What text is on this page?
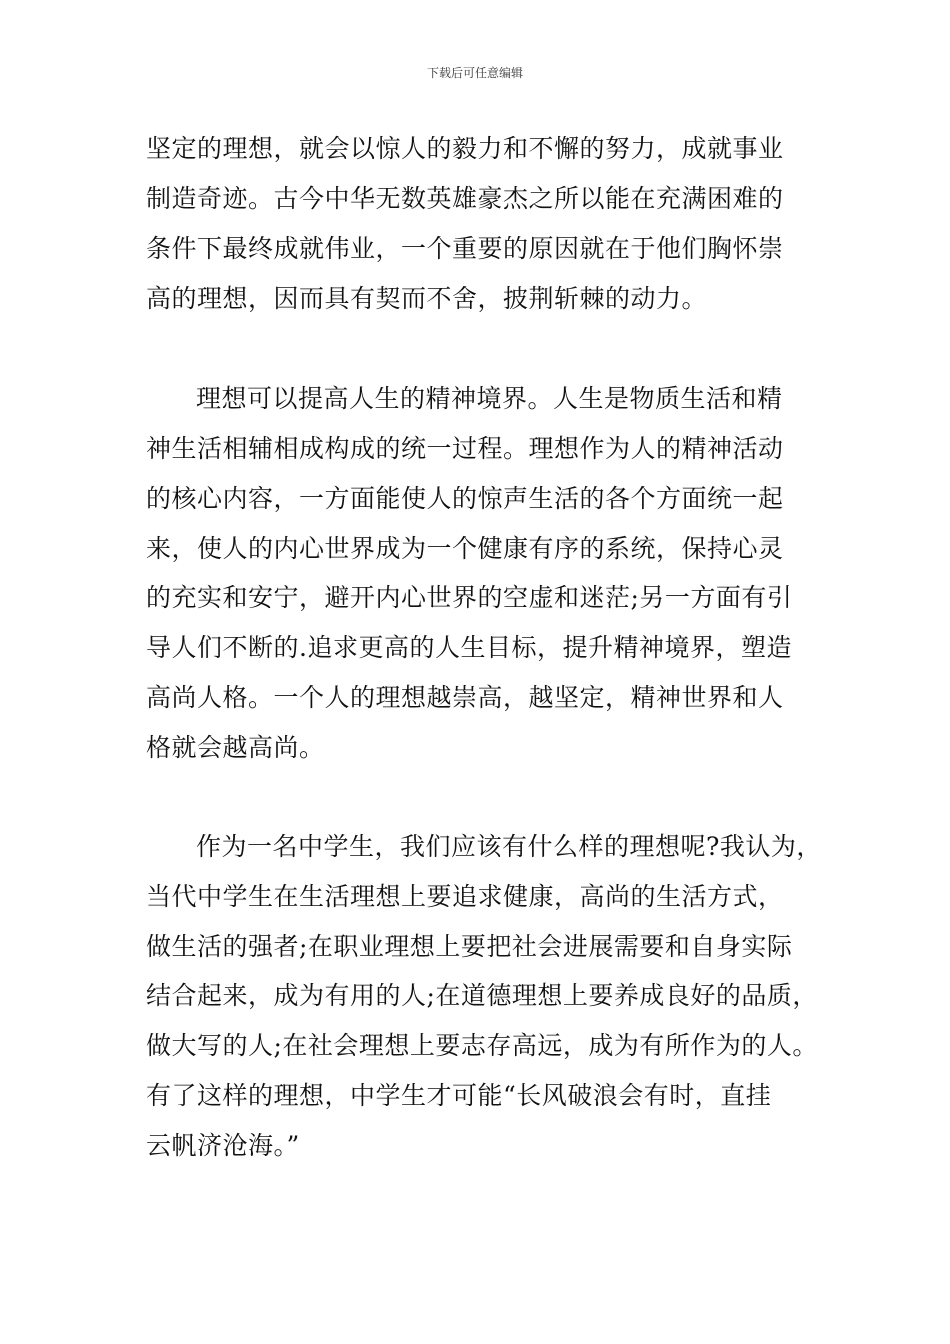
下载后可任意编辑
坚定的理想，就会以惊人的毅力和不懈的努力，成就事业
制造奇迹。古今中华无数英雄豪杰之所以能在充满困难的
条件下最终成就伟业，一个重要的原因就在于他们胸怀崇
高的理想，因而具有契而不舍，披荆斩棘的动力。
理想可以提高人生的精神境界。人生是物质生活和精
神生活相辅相成构成的统一过程。理想作为人的精神活动
的核心内容，一方面能使人的惊声生活的各个方面统一起
来，使人的内心世界成为一个健康有序的系统，保持心灵
的充实和安宁，避开内心世界的空虚和迷茫;另一方面有引
导人们不断的.追求更高的人生目标，提升精神境界，塑造
高尚人格。一个人的理想越崇高，越坚定，精神世界和人
格就会越高尚。
作为一名中学生，我们应该有什么样的理想呢?我认为，
当代中学生在生活理想上要追求健康，高尚的生活方式，
做生活的强者;在职业理想上要把社会进展需要和自身实际
结合起来，成为有用的人;在道德理想上要养成良好的品质，
做大写的人;在社会理想上要志存高远，成为有所作为的人。
有了这样的理想，中学生才可能“长风破浪会有时，直挂
云帆济沧海。”
